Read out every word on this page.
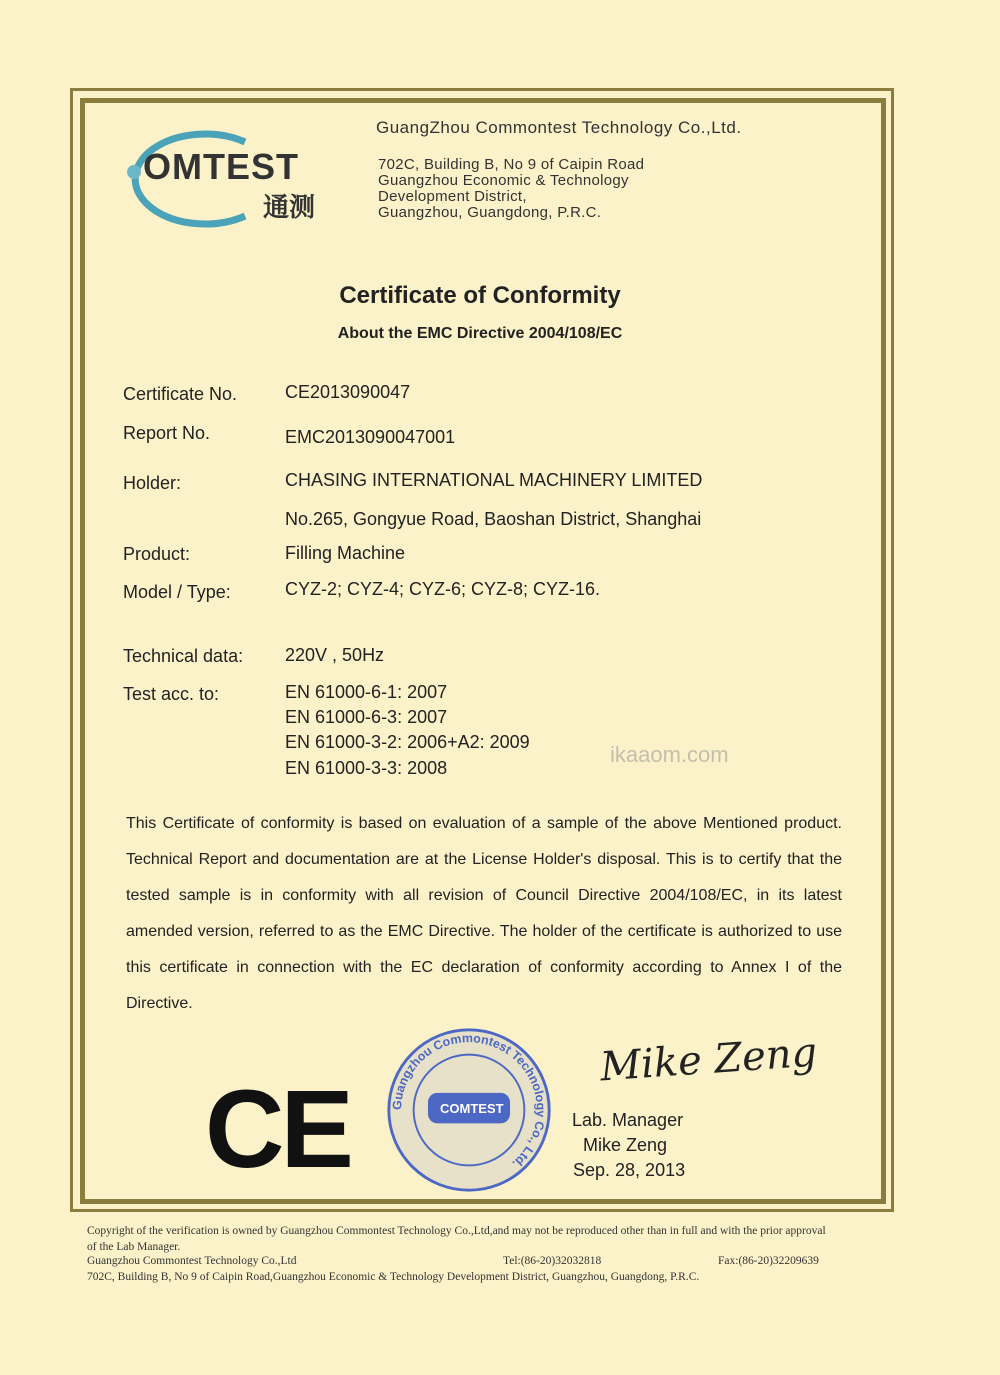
OMTEST
通测
GuangZhou Commontest Technology Co.,Ltd.
702C, Building B, No 9 of Caipin Road
Guangzhou Economic & Technology
Development District,
Guangzhou, Guangdong, P.R.C.
Certificate of Conformity
About the EMC Directive 2004/108/EC
Certificate No.	CE2013090047
Report No.	EMC2013090047001
Holder:	CHASING INTERNATIONAL MACHINERY LIMITED
No.265, Gongyue Road, Baoshan District, Shanghai
Product:	Filling Machine
Model / Type:	CYZ-2; CYZ-4; CYZ-6; CYZ-8; CYZ-16.
Technical data: 220V , 50Hz
Test acc. to:	EN 61000-6-1: 2007
EN 61000-6-3: 2007
EN 61000-3-2: 2006+A2: 2009
EN 61000-3-3: 2008
ikaaom.com
This Certificate of conformity is based on evaluation of a sample of the above Mentioned product. Technical Report and documentation are at the License Holder's disposal. This is to certify that the tested sample is in conformity with all revision of Council Directive 2004/108/EC, in its latest amended version, referred to as the EMC Directive. The holder of the certificate is authorized to use this certificate in connection with the EC declaration of conformity according to Annex I of the Directive.
CE	Guangzhou Commontest Technology Co., Ltd.
COMTEST
Mike Zeng
Lab. Manager
Mike Zeng
Sep. 28, 2013
Copyright of the verification is owned by Guangzhou Commontest Technology Co.,Ltd,and may not be reproduced other than in full and with the prior approval
of the Lab Manager.
Guangzhou Commontest Technology Co.,Ltd	Tel:(86-20)32032818	Fax:(86-20)32209639
702C, Building B, No 9 of Caipin Road,Guangzhou Economic & Technology Development District, Guangzhou, Guangdong, P.R.C.
